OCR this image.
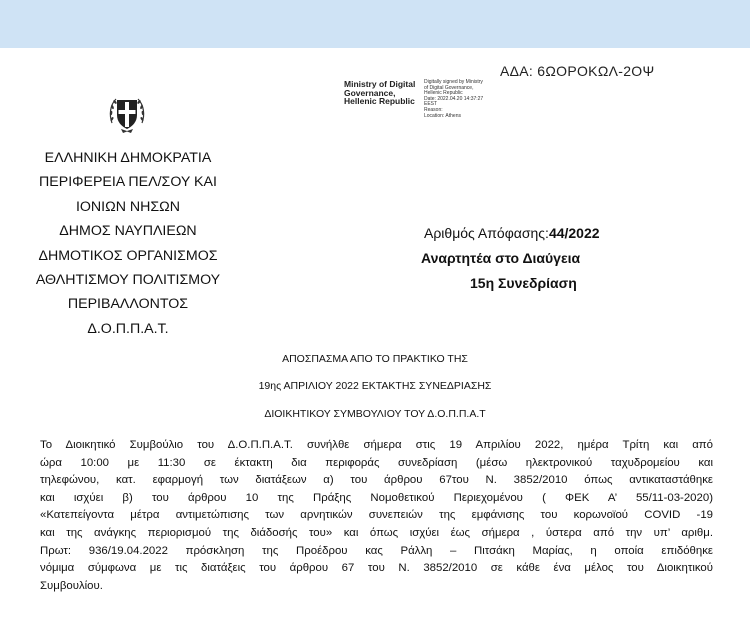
ΑΔΑ: 6ΩΟΡΟΚΩΛ-2ΟΨ
Ministry of Digital
Governance,
Hellenic Republic
Digitally signed by Ministry
of Digital Governance,
Hellenic Republic
Date: 2022.04.20 14:37:27
EEST
Reason:
Location: Athens
ΕΛΛΗΝΙΚΗ ΔΗΜΟΚΡΑΤΙΑ
ΠΕΡΙΦΕΡΕΙΑ ΠΕΛ/ΣΟΥ ΚΑΙ
ΙΟΝΙΩΝ ΝΗΣΩΝ
ΔΗΜΟΣ ΝΑΥΠΛΙΕΩΝ
ΔΗΜΟΤΙΚΟΣ ΟΡΓΑΝΙΣΜΟΣ
ΑΘΛΗΤΙΣΜΟΥ ΠΟΛΙΤΙΣΜΟΥ
ΠΕΡΙΒΑΛΛΟΝΤΟΣ
Δ.Ο.Π.Π.Α.Τ.
Αριθμός Απόφασης:44/2022
Αναρτητέα στο Διαύγεια
15η Συνεδρίαση
ΑΠΟΣΠΑΣΜΑ ΑΠΟ ΤΟ ΠΡΑΚΤΙΚΟ ΤΗΣ
19ης ΑΠΡΙΛΙΟΥ 2022 ΕΚΤΑΚΤΗΣ ΣΥΝΕΔΡΙΑΣΗΣ
ΔΙΟΙΚΗΤΙΚΟΥ ΣΥΜΒΟΥΛΙΟΥ ΤΟΥ Δ.Ο.Π.Π.Α.Τ
Το Διοικητικό Συμβούλιο του Δ.Ο.Π.Π.Α.Τ. συνήλθε σήμερα στις 19 Απριλίου 2022, ημέρα Τρίτη και από
ώρα 10:00 με 11:30 σε έκτακτη δια περιφοράς συνεδρίαση (μέσω ηλεκτρονικού ταχυδρομείου και
τηλεφώνου, κατ. εφαρμογή των διατάξεων α) του άρθρου 67του Ν. 3852/2010 όπως αντικαταστάθηκε
και ισχύει β) του άρθρου 10 της Πράξης Νομοθετικού Περιεχομένου ( ΦΕΚ Α’ 55/11-03-2020)
«Κατεπείγοντα μέτρα αντιμετώπισης των αρνητικών συνεπειών της εμφάνισης του κορωνοϊού COVID -19
και της ανάγκης περιορισμού της διάδοσής του» και όπως ισχύει έως σήμερα , ύστερα από την υπ’ αριθμ.
Πρωτ: 936/19.04.2022 πρόσκληση της Προέδρου κας Ράλλη – Πιτσάκη Μαρίας, η οποία επιδόθηκε
νόμιμα σύμφωνα με τις διατάξεις του άρθρου 67 του Ν. 3852/2010 σε κάθε ένα μέλος του Διοικητικού
Συμβουλίου.
